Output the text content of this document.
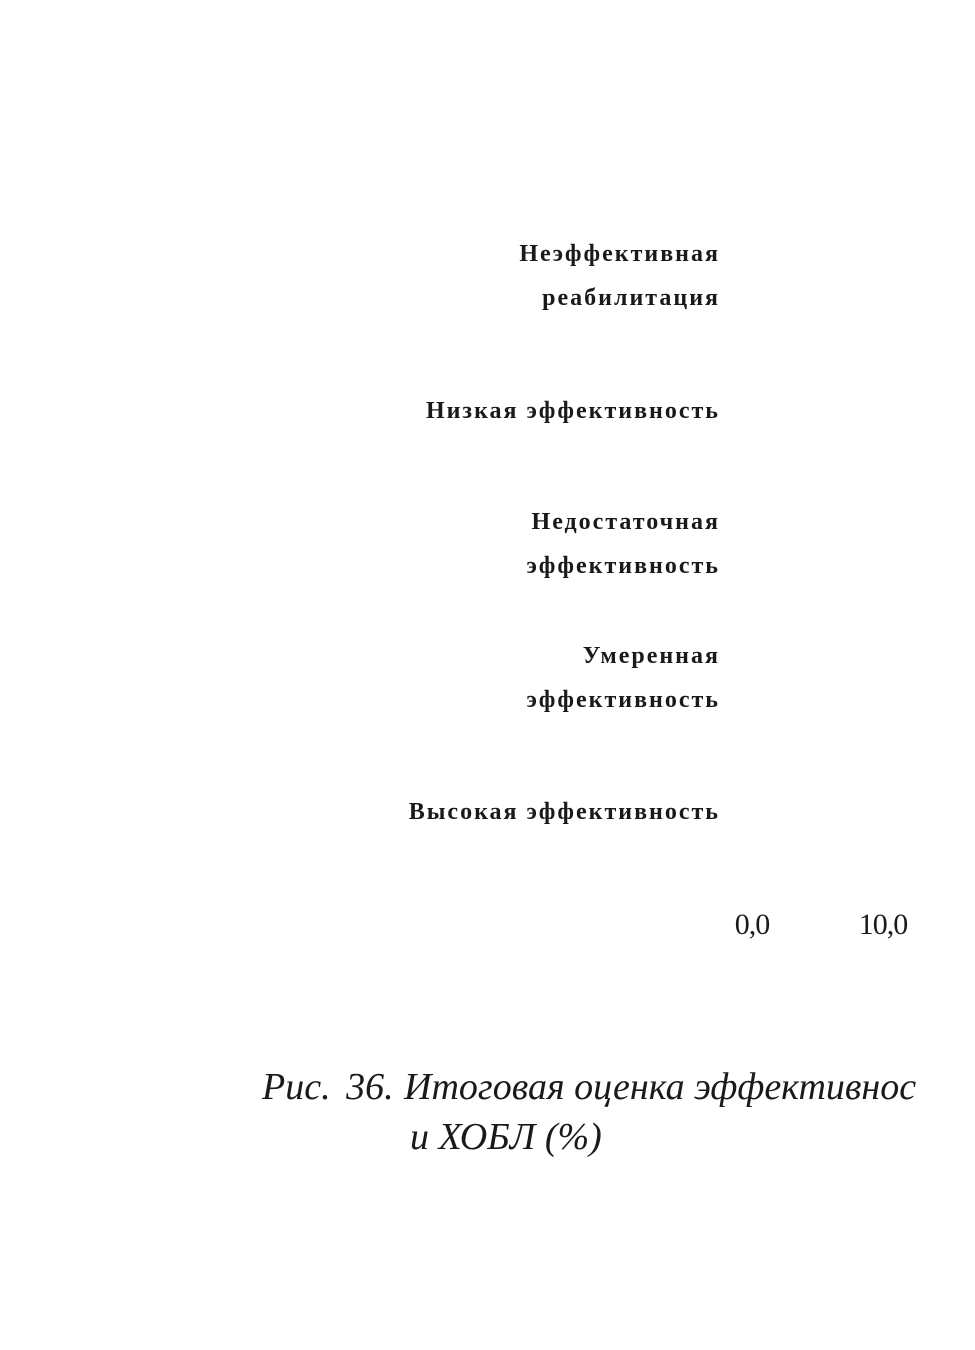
Неэффективная
реабилитация
Низкая эффективность
Недостаточная
эффективность
Умеренная
эффективность
Высокая эффективность
0,0	10,0
Рис. 36. Итоговая оценка эффективнос
и ХОБЛ (%)
